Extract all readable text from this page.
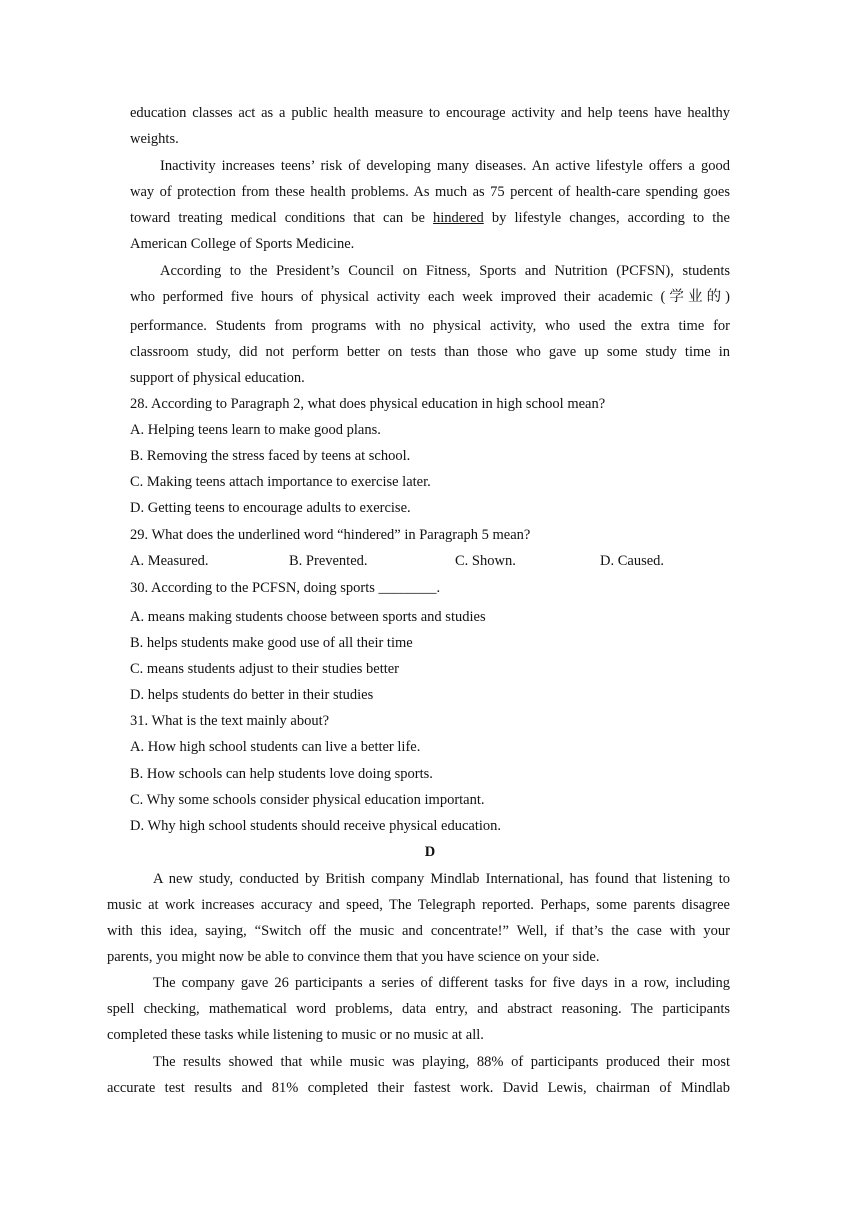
education classes act as a public health measure to encourage activity and help teens have healthy
weights.
Inactivity increases teens’ risk of developing many diseases. An active lifestyle offers a good
way of protection from these health problems. As much as 75 percent of health-care spending goes
toward treating medical conditions that can be hindered by lifestyle changes, according to the
American College of Sports Medicine.
According to the President’s Council on Fitness, Sports and Nutrition (PCFSN), students
who performed five hours of physical activity each week improved their academic (学业的)
performance. Students from programs with no physical activity, who used the extra time for
classroom study, did not perform better on tests than those who gave up some study time in
support of physical education.
28. According to Paragraph 2, what does physical education in high school mean?
A. Helping teens learn to make good plans.
B. Removing the stress faced by teens at school.
C. Making teens attach importance to exercise later.
D. Getting teens to encourage adults to exercise.
29. What does the underlined word “hindered” in Paragraph 5 mean?
A. Measured.	B. Prevented.	C. Shown.	D. Caused.
30. According to the PCFSN, doing sports ________.
A. means making students choose between sports and studies
B. helps students make good use of all their time
C. means students adjust to their studies better
D. helps students do better in their studies
31. What is the text mainly about?
A. How high school students can live a better life.
B. How schools can help students love doing sports.
C. Why some schools consider physical education important.
D. Why high school students should receive physical education.
D
A new study, conducted by British company Mindlab International, has found that listening to
music at work increases accuracy and speed, The Telegraph reported. Perhaps, some parents disagree
with this idea, saying, “Switch off the music and concentrate!” Well, if that’s the case with your
parents, you might now be able to convince them that you have science on your side.
The company gave 26 participants a series of different tasks for five days in a row, including
spell checking, mathematical word problems, data entry, and abstract reasoning. The participants
completed these tasks while listening to music or no music at all.
The results showed that while music was playing, 88% of participants produced their most
accurate test results and 81% completed their fastest work. David Lewis, chairman of Mindlab
